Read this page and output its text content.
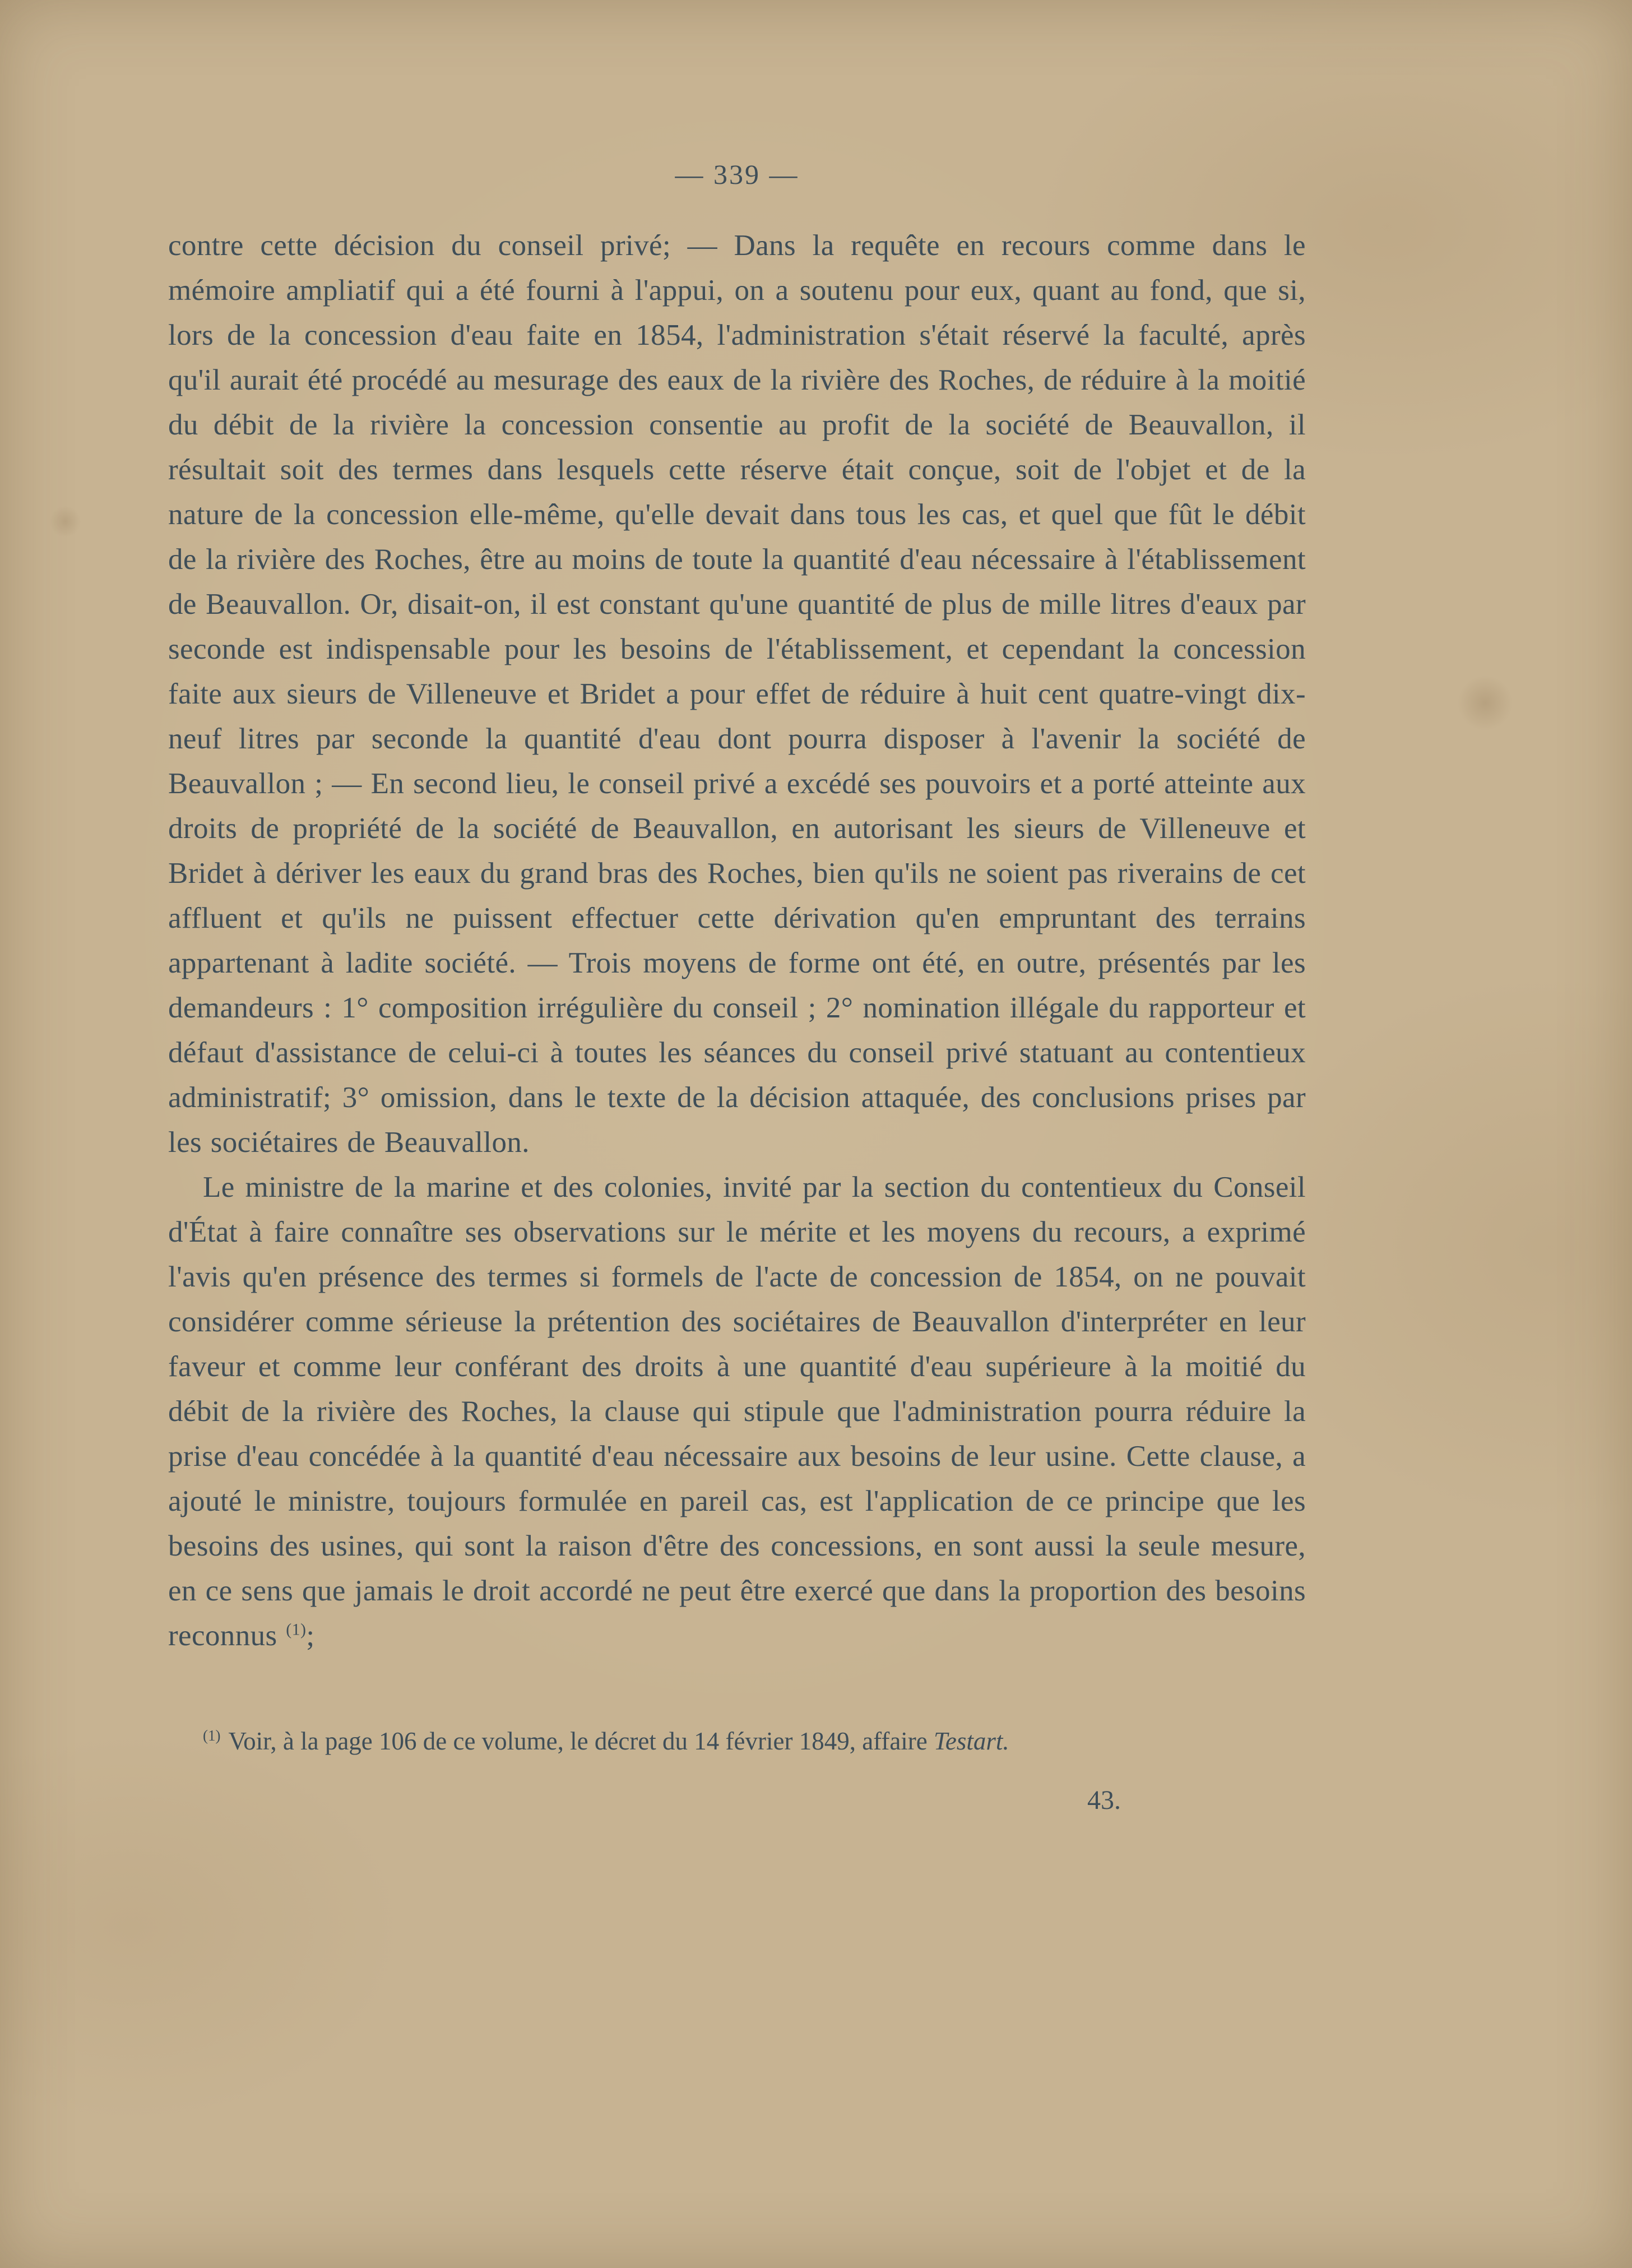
— 339 —

contre cette décision du conseil privé; — Dans la requête en recours comme dans le mémoire ampliatif qui a été fourni à l'appui, on a soutenu pour eux, quant au fond, que si, lors de la concession d'eau faite en 1854, l'administration s'était réservé la faculté, après qu'il aurait été procédé au mesurage des eaux de la rivière des Roches, de réduire à la moitié du débit de la rivière la concession consentie au profit de la société de Beauvallon, il résultait soit des termes dans lesquels cette réserve était conçue, soit de l'objet et de la nature de la concession elle-même, qu'elle devait dans tous les cas, et quel que fût le débit de la rivière des Roches, être au moins de toute la quantité d'eau nécessaire à l'établissement de Beauvallon. Or, disait-on, il est constant qu'une quantité de plus de mille litres d'eaux par seconde est indispensable pour les besoins de l'établissement, et cependant la concession faite aux sieurs de Villeneuve et Bridet a pour effet de réduire à huit cent quatre-vingt dix-neuf litres par seconde la quantité d'eau dont pourra disposer à l'avenir la société de Beauvallon ; — En second lieu, le conseil privé a excédé ses pouvoirs et a porté atteinte aux droits de propriété de la société de Beauvallon, en autorisant les sieurs de Villeneuve et Bridet à dériver les eaux du grand bras des Roches, bien qu'ils ne soient pas riverains de cet affluent et qu'ils ne puissent effectuer cette dérivation qu'en empruntant des terrains appartenant à ladite société. — Trois moyens de forme ont été, en outre, présentés par les demandeurs : 1° composition irrégulière du conseil ; 2° nomination illégale du rapporteur et défaut d'assistance de celui-ci à toutes les séances du conseil privé statuant au contentieux administratif; 3° omission, dans le texte de la décision attaquée, des conclusions prises par les sociétaires de Beauvallon.

Le ministre de la marine et des colonies, invité par la section du contentieux du Conseil d'État à faire connaître ses observations sur le mérite et les moyens du recours, a exprimé l'avis qu'en présence des termes si formels de l'acte de concession de 1854, on ne pouvait considérer comme sérieuse la prétention des sociétaires de Beauvallon d'interpréter en leur faveur et comme leur conférant des droits à une quantité d'eau supérieure à la moitié du débit de la rivière des Roches, la clause qui stipule que l'administration pourra réduire la prise d'eau concédée à la quantité d'eau nécessaire aux besoins de leur usine. Cette clause, a ajouté le ministre, toujours formulée en pareil cas, est l'application de ce principe que les besoins des usines, qui sont la raison d'être des concessions, en sont aussi la seule mesure, en ce sens que jamais le droit accordé ne peut être exercé que dans la proportion des besoins reconnus $^{(1)}$;

$^{(1)}$ Voir, à la page 106 de ce volume, le décret du 14 février 1849, affaire Testart.
43.
